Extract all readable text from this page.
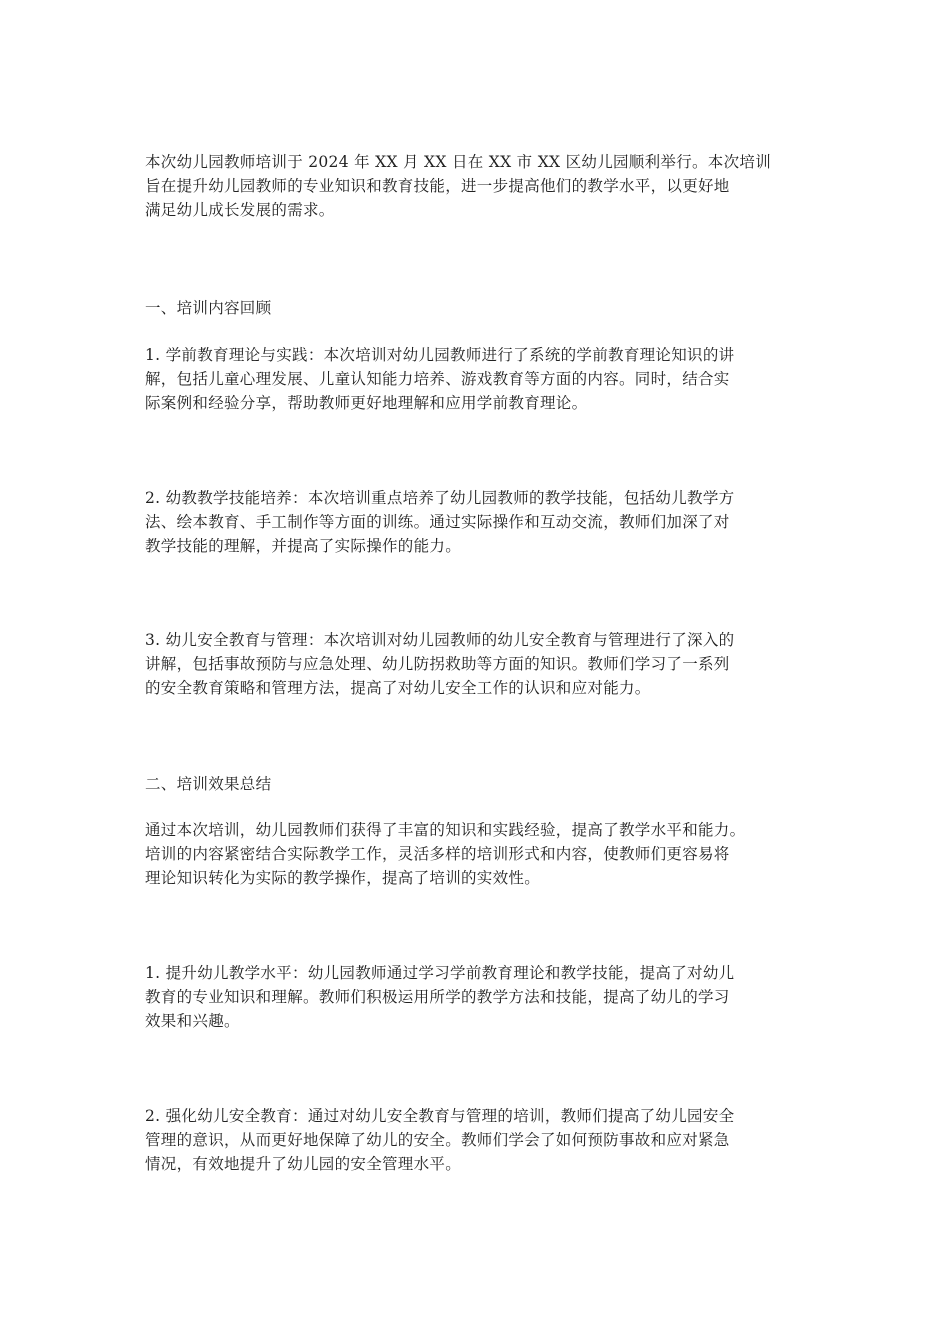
本次幼儿园教师培训于 2024 年 XX 月 XX 日在 XX 市 XX 区幼儿园顺利举行。本次培训
旨在提升幼儿园教师的专业知识和教育技能，进一步提高他们的教学水平，以更好地
满足幼儿成长发展的需求。
一、培训内容回顾
1. 学前教育理论与实践：本次培训对幼儿园教师进行了系统的学前教育理论知识的讲
解，包括儿童心理发展、儿童认知能力培养、游戏教育等方面的内容。同时，结合实
际案例和经验分享，帮助教师更好地理解和应用学前教育理论。
2. 幼教教学技能培养：本次培训重点培养了幼儿园教师的教学技能，包括幼儿教学方
法、绘本教育、手工制作等方面的训练。通过实际操作和互动交流，教师们加深了对
教学技能的理解，并提高了实际操作的能力。
3. 幼儿安全教育与管理：本次培训对幼儿园教师的幼儿安全教育与管理进行了深入的
讲解，包括事故预防与应急处理、幼儿防拐救助等方面的知识。教师们学习了一系列
的安全教育策略和管理方法，提高了对幼儿安全工作的认识和应对能力。
二、培训效果总结
通过本次培训，幼儿园教师们获得了丰富的知识和实践经验，提高了教学水平和能力。
培训的内容紧密结合实际教学工作，灵活多样的培训形式和内容，使教师们更容易将
理论知识转化为实际的教学操作，提高了培训的实效性。
1. 提升幼儿教学水平：幼儿园教师通过学习学前教育理论和教学技能，提高了对幼儿
教育的专业知识和理解。教师们积极运用所学的教学方法和技能，提高了幼儿的学习
效果和兴趣。
2. 强化幼儿安全教育：通过对幼儿安全教育与管理的培训，教师们提高了幼儿园安全
管理的意识，从而更好地保障了幼儿的安全。教师们学会了如何预防事故和应对紧急
情况，有效地提升了幼儿园的安全管理水平。
